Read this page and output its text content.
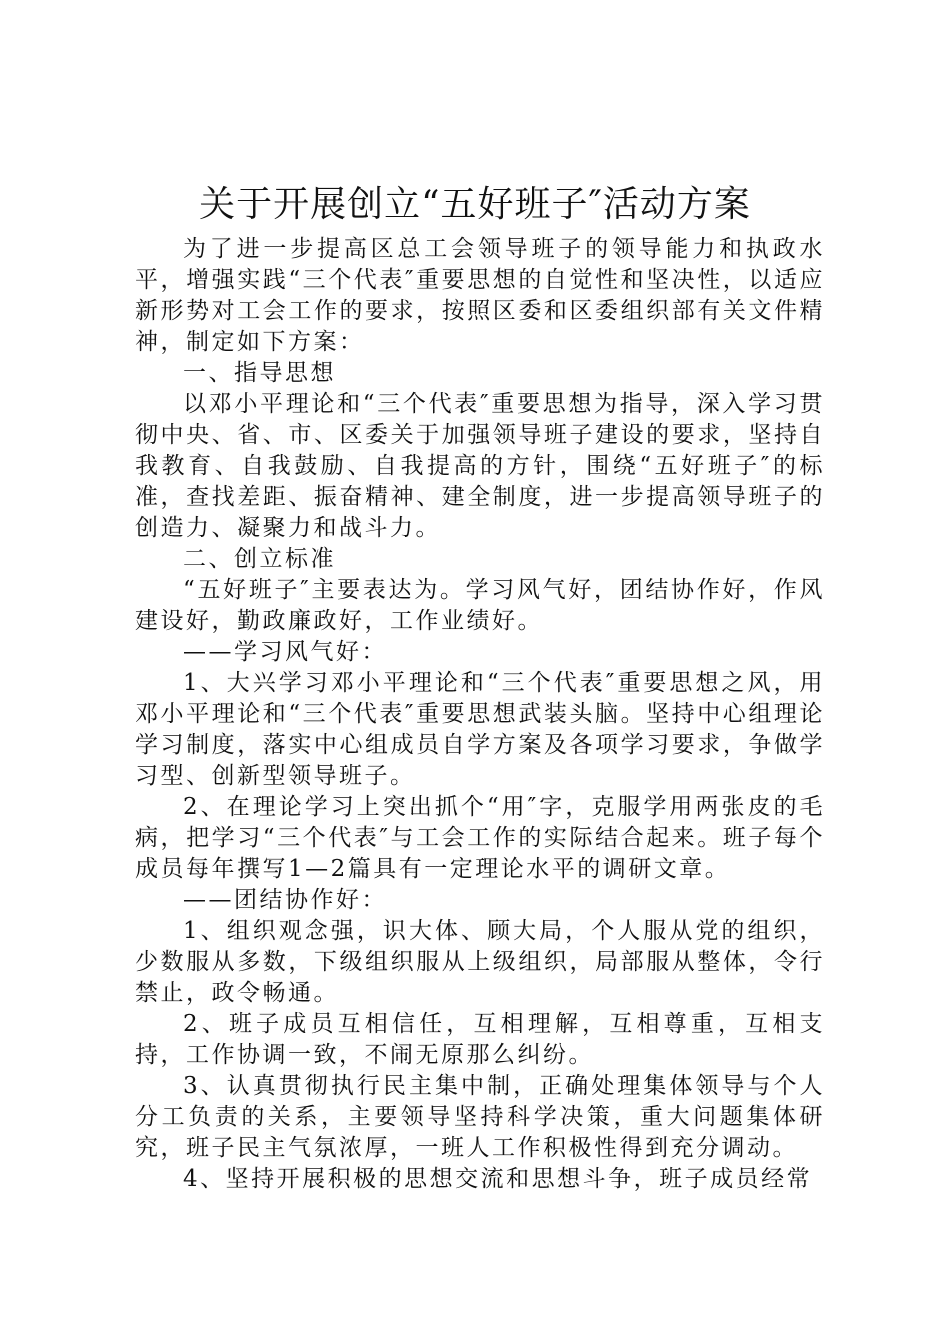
关于开展创立“五好班子″活动方案

为了进一步提高区总工会领导班子的领导能力和执政水平，增强实践“三个代表″重要思想的自觉性和坚决性，以适应新形势对工会工作的要求，按照区委和区委组织部有关文件精神，制定如下方案：

一、指导思想

以邓小平理论和“三个代表″重要思想为指导，深入学习贯彻中央、省、市、区委关于加强领导班子建设的要求，坚持自我教育、自我鼓励、自我提高的方针，围绕“五好班子″的标准，查找差距、振奋精神、建全制度，进一步提高领导班子的创造力、凝聚力和战斗力。

二、创立标准

“五好班子″主要表达为。学习风气好，团结协作好，作风建设好，勤政廉政好，工作业绩好。

——学习风气好：

1、大兴学习邓小平理论和“三个代表″重要思想之风，用邓小平理论和“三个代表″重要思想武装头脑。坚持中心组理论学习制度，落实中心组成员自学方案及各项学习要求，争做学习型、创新型领导班子。

2、在理论学习上突出抓个“用″字，克服学用两张皮的毛病，把学习“三个代表″与工会工作的实际结合起来。班子每个成员每年撰写1—2篇具有一定理论水平的调研文章。

——团结协作好：

1、组织观念强，识大体、顾大局，个人服从党的组织，少数服从多数，下级组织服从上级组织，局部服从整体，令行禁止，政令畅通。

2、班子成员互相信任，互相理解，互相尊重，互相支持，工作协调一致，不闹无原那么纠纷。

3、认真贯彻执行民主集中制，正确处理集体领导与个人分工负责的关系，主要领导坚持科学决策，重大问题集体研究，班子民主气氛浓厚，一班人工作积极性得到充分调动。

4、坚持开展积极的思想交流和思想斗争，班子成员经常
